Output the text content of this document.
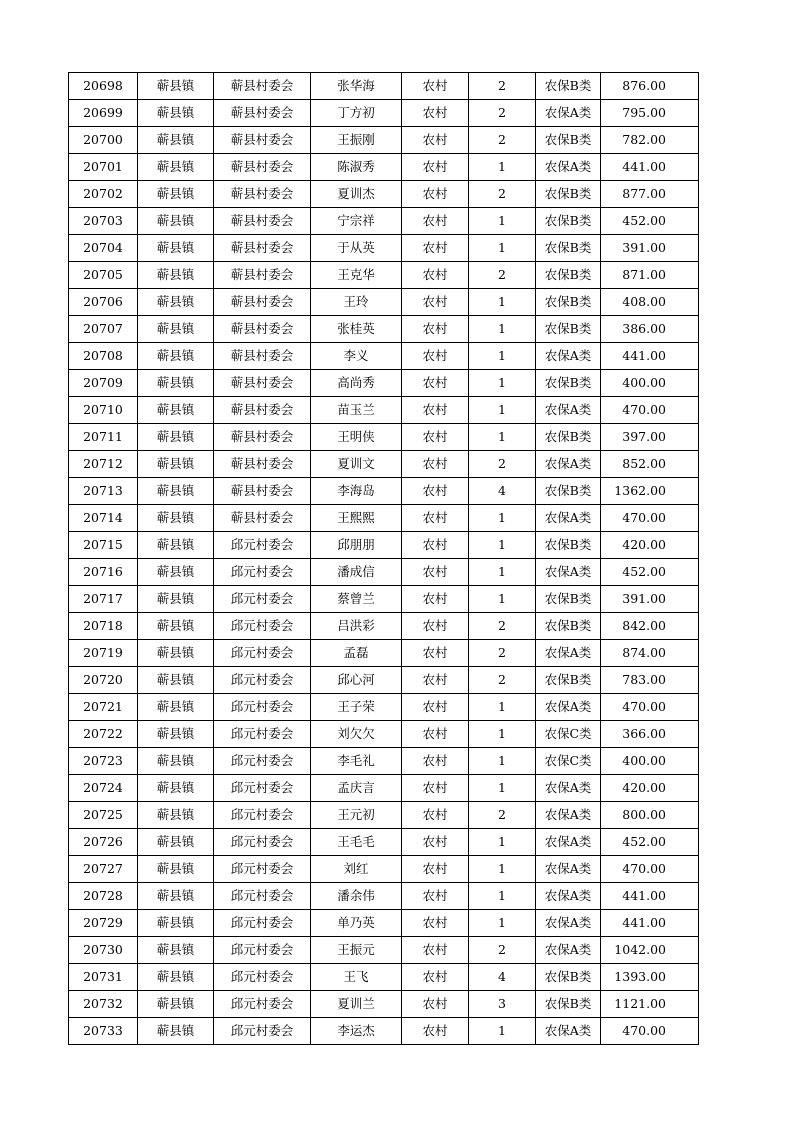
20698	蕲县镇	蕲县村委会	张华海	农村	2	农保B类	876.00
20699	蕲县镇	蕲县村委会	丁方初	农村	2	农保A类	795.00
20700	蕲县镇	蕲县村委会	王振刚	农村	2	农保B类	782.00
20701	蕲县镇	蕲县村委会	陈淑秀	农村	1	农保A类	441.00
20702	蕲县镇	蕲县村委会	夏训杰	农村	2	农保B类	877.00
20703	蕲县镇	蕲县村委会	宁宗祥	农村	1	农保B类	452.00
20704	蕲县镇	蕲县村委会	于从英	农村	1	农保B类	391.00
20705	蕲县镇	蕲县村委会	王克华	农村	2	农保B类	871.00
20706	蕲县镇	蕲县村委会	王玲	农村	1	农保B类	408.00
20707	蕲县镇	蕲县村委会	张桂英	农村	1	农保B类	386.00
20708	蕲县镇	蕲县村委会	李义	农村	1	农保A类	441.00
20709	蕲县镇	蕲县村委会	高尚秀	农村	1	农保B类	400.00
20710	蕲县镇	蕲县村委会	苗玉兰	农村	1	农保A类	470.00
20711	蕲县镇	蕲县村委会	王明侠	农村	1	农保B类	397.00
20712	蕲县镇	蕲县村委会	夏训文	农村	2	农保A类	852.00
20713	蕲县镇	蕲县村委会	李海岛	农村	4	农保B类	1362.00
20714	蕲县镇	蕲县村委会	王熙熙	农村	1	农保A类	470.00
20715	蕲县镇	邱元村委会	邱朋朋	农村	1	农保B类	420.00
20716	蕲县镇	邱元村委会	潘成信	农村	1	农保A类	452.00
20717	蕲县镇	邱元村委会	蔡曾兰	农村	1	农保B类	391.00
20718	蕲县镇	邱元村委会	吕洪彩	农村	2	农保B类	842.00
20719	蕲县镇	邱元村委会	孟磊	农村	2	农保A类	874.00
20720	蕲县镇	邱元村委会	邱心河	农村	2	农保B类	783.00
20721	蕲县镇	邱元村委会	王子荣	农村	1	农保A类	470.00
20722	蕲县镇	邱元村委会	刘欠欠	农村	1	农保C类	366.00
20723	蕲县镇	邱元村委会	李毛礼	农村	1	农保C类	400.00
20724	蕲县镇	邱元村委会	孟庆言	农村	1	农保A类	420.00
20725	蕲县镇	邱元村委会	王元初	农村	2	农保A类	800.00
20726	蕲县镇	邱元村委会	王毛毛	农村	1	农保A类	452.00
20727	蕲县镇	邱元村委会	刘红	农村	1	农保A类	470.00
20728	蕲县镇	邱元村委会	潘余伟	农村	1	农保A类	441.00
20729	蕲县镇	邱元村委会	单乃英	农村	1	农保A类	441.00
20730	蕲县镇	邱元村委会	王振元	农村	2	农保A类	1042.00
20731	蕲县镇	邱元村委会	王飞	农村	4	农保B类	1393.00
20732	蕲县镇	邱元村委会	夏训兰	农村	3	农保B类	1121.00
20733	蕲县镇	邱元村委会	李运杰	农村	1	农保A类	470.00
